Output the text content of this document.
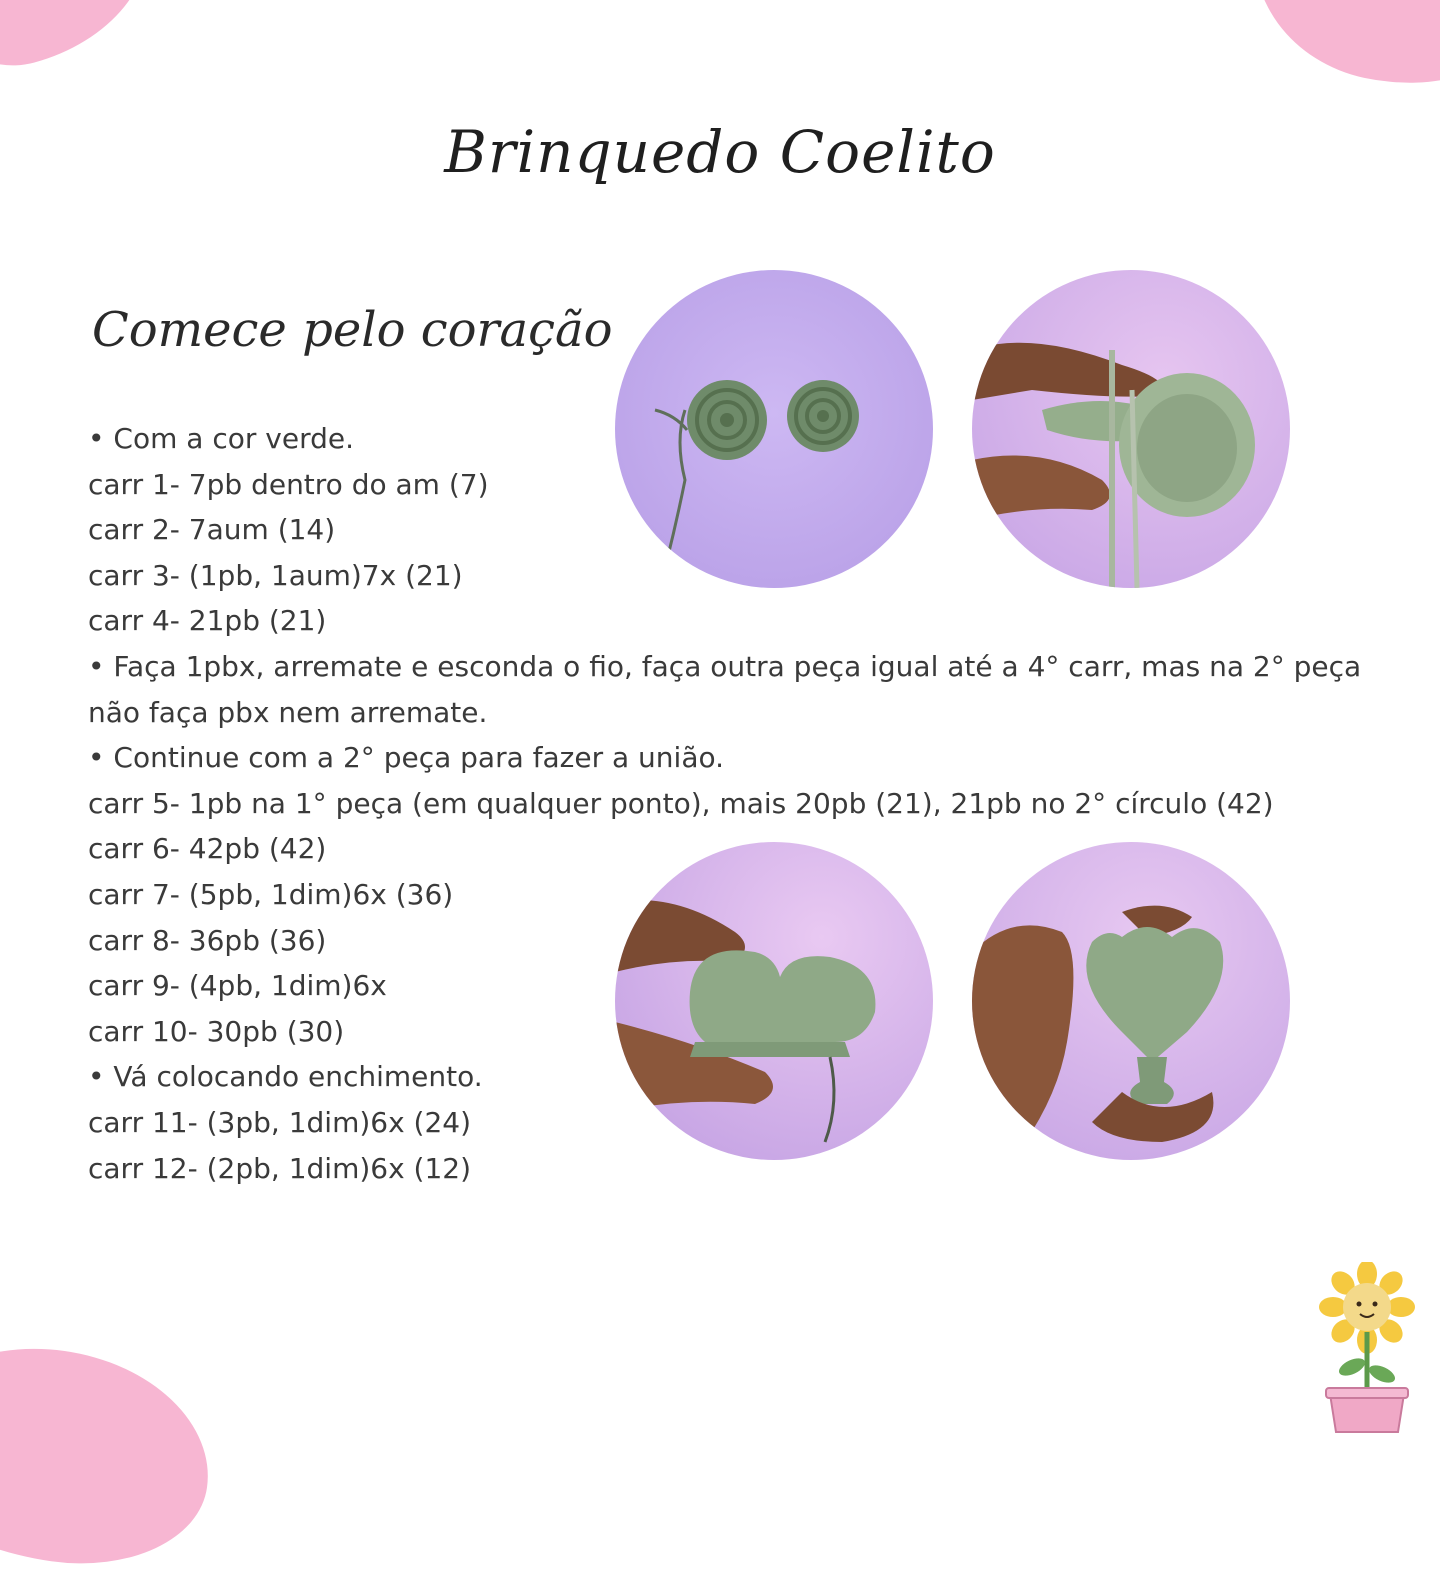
Brinquedo Coelito
Comece pelo coração
• Com a cor verde.
carr 1- 7pb dentro do am (7)
carr 2- 7aum (14)
carr 3- (1pb, 1aum)7x (21)
carr 4- 21pb (21)
• Faça 1pbx, arremate e esconda o fio, faça outra peça igual até a 4° carr, mas na 2° peça não faça pbx nem arremate.
• Continue com a 2° peça para fazer a união.
carr 5- 1pb na 1° peça (em qualquer ponto), mais 20pb (21), 21pb no 2° círculo (42)
carr 6- 42pb (42)
carr 7- (5pb, 1dim)6x (36)
carr 8- 36pb (36)
carr 9- (4pb, 1dim)6x
carr 10- 30pb (30)
• Vá colocando enchimento.
carr 11- (3pb, 1dim)6x (24)
carr 12- (2pb, 1dim)6x (12)
